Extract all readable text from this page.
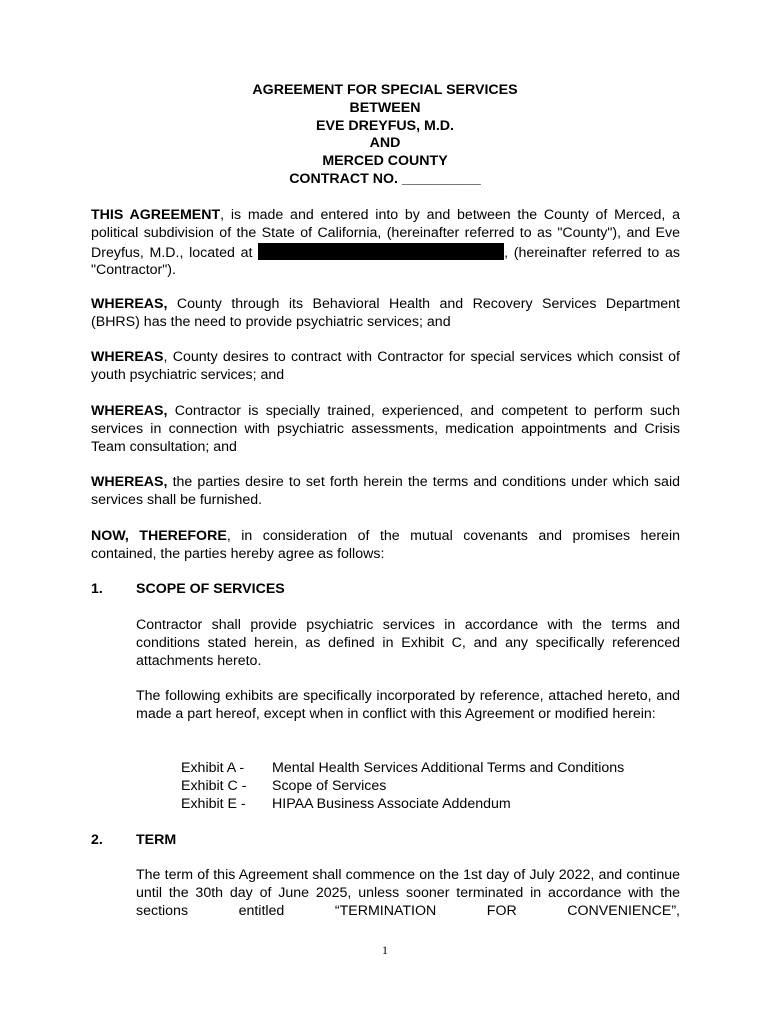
AGREEMENT FOR SPECIAL SERVICES
BETWEEN
EVE DREYFUS, M.D.
AND
MERCED COUNTY
CONTRACT NO. __________
THIS AGREEMENT, is made and entered into by and between the County of Merced, a political subdivision of the State of California, (hereinafter referred to as "County"), and Eve Dreyfus, M.D., located at	, (hereinafter referred to as "Contractor").
WHEREAS, County through its Behavioral Health and Recovery Services Department (BHRS) has the need to provide psychiatric services; and
WHEREAS, County desires to contract with Contractor for special services which consist of youth psychiatric services; and
WHEREAS, Contractor is specially trained, experienced, and competent to perform such services in connection with psychiatric assessments, medication appointments and Crisis Team consultation; and
WHEREAS, the parties desire to set forth herein the terms and conditions under which said services shall be furnished.
NOW, THEREFORE, in consideration of the mutual covenants and promises herein contained, the parties hereby agree as follows:
1. SCOPE OF SERVICES
Contractor shall provide psychiatric services in accordance with the terms and conditions stated herein, as defined in Exhibit C, and any specifically referenced attachments hereto.
The following exhibits are specifically incorporated by reference, attached hereto, and made a part hereof, except when in conflict with this Agreement or modified herein:
Exhibit A - Mental Health Services Additional Terms and Conditions
Exhibit C - Scope of Services
Exhibit E - HIPAA Business Associate Addendum
2. TERM
The term of this Agreement shall commence on the 1st day of July 2022, and continue until the 30th day of June 2025, unless sooner terminated in accordance with the sections entitled “TERMINATION FOR CONVENIENCE”,
1
